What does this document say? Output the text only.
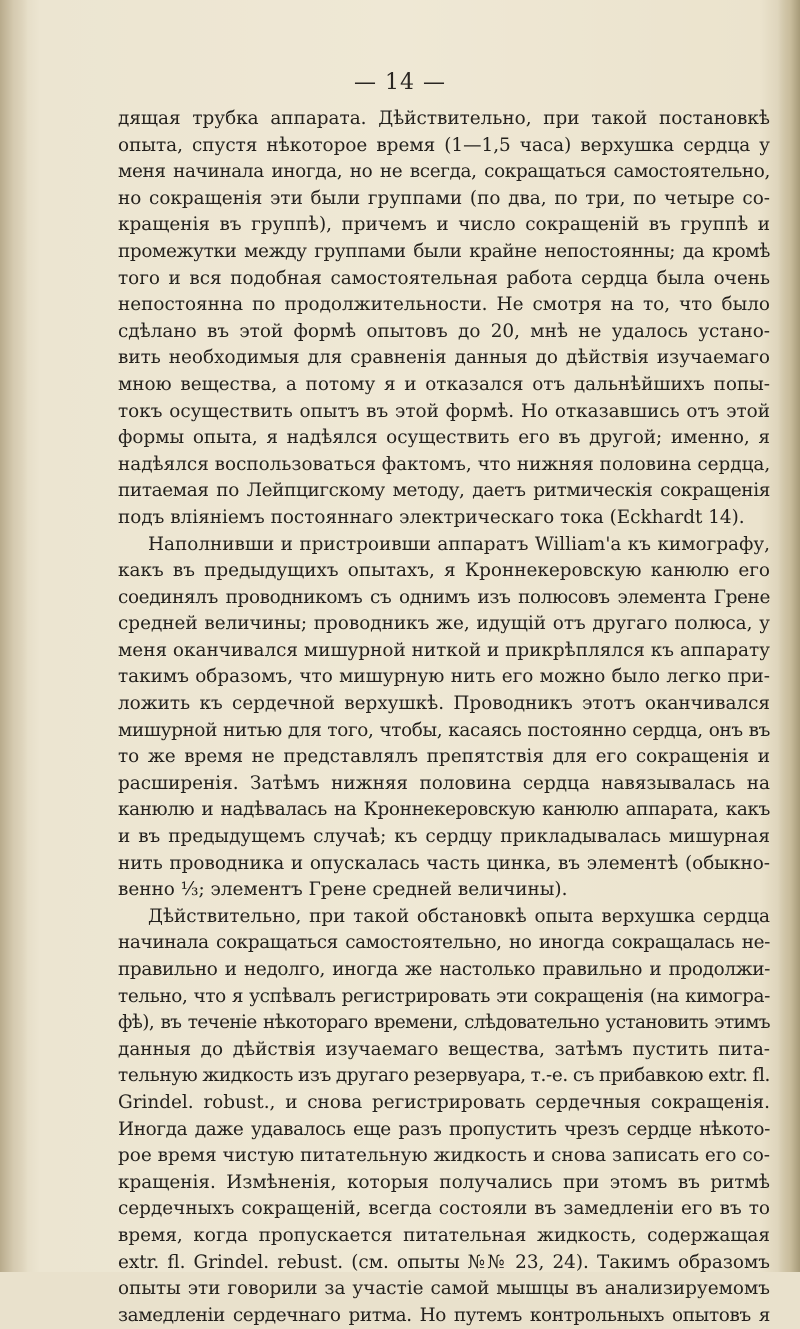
— 14 —
дящая трубка аппарата. Дѣйствительно, при такой постановкѣ
опыта, спустя нѣкоторое время (1—1,5 часа) верхушка сердца у
меня начинала иногда, но не всегда, сокращаться самостоятельно,
но сокращенія эти были группами (по два, по три, по четыре со-
кращенія въ группѣ), причемъ и число сокращеній въ группѣ и
промежутки между группами были крайне непостоянны; да кромѣ
того и вся подобная самостоятельная работа сердца была очень
непостоянна по продолжительности. Не смотря на то, что было
сдѣлано въ этой формѣ опытовъ до 20, мнѣ не удалось устано-
вить необходимыя для сравненія данныя до дѣйствія изучаемаго
мною вещества, а потому я и отказался отъ дальнѣйшихъ попы-
токъ осуществить опытъ въ этой формѣ. Но отказавшись отъ этой
формы опыта, я надѣялся осуществить его въ другой; именно, я
надѣялся воспользоваться фактомъ, что нижняя половина сердца,
питаемая по Лейпцигскому методу, даетъ ритмическія сокращенія
подъ вліяніемъ постояннаго электрическаго тока (Eckhardt 14).
Наполнивши и пристроивши аппаратъ William'а къ кимографу,
какъ въ предыдущихъ опытахъ, я Кроннекеровскую канюлю его
соединялъ проводникомъ съ однимъ изъ полюсовъ элемента Грене
средней величины; проводникъ же, идущій отъ другаго полюса, у
меня оканчивался мишурной ниткой и прикрѣплялся къ аппарату
такимъ образомъ, что мишурную нить его можно было легко при-
ложить къ сердечной верхушкѣ. Проводникъ этотъ оканчивался
мишурной нитью для того, чтобы, касаясь постоянно сердца, онъ въ
то же время не представлялъ препятствія для его сокращенія и
расширенія. Затѣмъ нижняя половина сердца навязывалась на
канюлю и надѣвалась на Кроннекеровскую канюлю аппарата, какъ
и въ предыдущемъ случаѣ; къ сердцу прикладывалась мишурная
нить проводника и опускалась часть цинка, въ элементѣ (обыкно-
венно ⅓; элементъ Грене средней величины).
Дѣйствительно, при такой обстановкѣ опыта верхушка сердца
начинала сокращаться самостоятельно, но иногда сокращалась не-
правильно и недолго, иногда же настолько правильно и продолжи-
тельно, что я успѣвалъ регистрировать эти сокращенія (на кимогра-
фѣ), въ теченіе нѣкотораго времени, слѣдовательно установить этимъ
данныя до дѣйствія изучаемаго вещества, затѣмъ пустить пита-
тельную жидкость изъ другаго резервуара, т.-е. съ прибавкою extr. fl.
Grindel. robust., и снова регистрировать сердечныя сокращенія.
Иногда даже удавалось еще разъ пропустить чрезъ сердце нѣкото-
рое время чистую питательную жидкость и снова записать его со-
кращенія. Измѣненія, которыя получались при этомъ въ ритмѣ
сердечныхъ сокращеній, всегда состояли въ замедленіи его въ то
время, когда пропускается питательная жидкость, содержащая
extr. fl. Grindel. rebust. (см. опыты №№ 23, 24). Такимъ образомъ
опыты эти говорили за участіе самой мышцы въ анализируемомъ
замедленіи сердечнаго ритма. Но путемъ контрольныхъ опытовъ я
